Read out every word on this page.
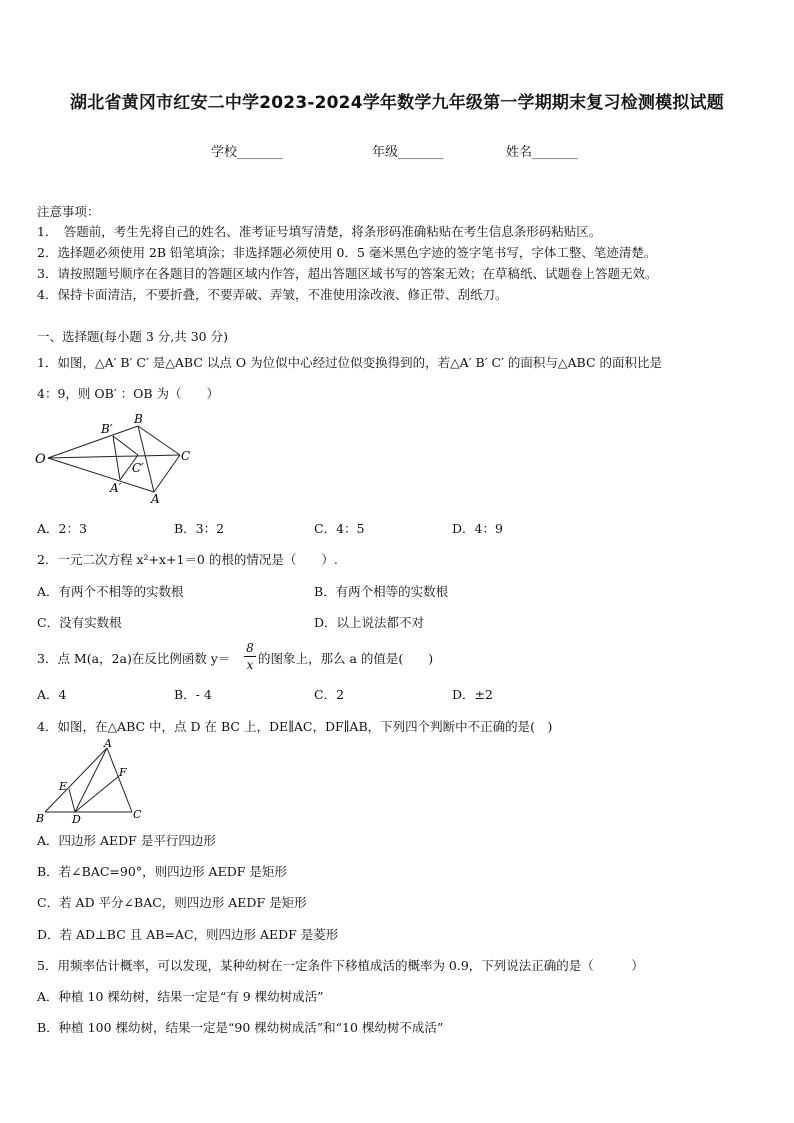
湖北省黄冈市红安二中学2023-2024学年数学九年级第一学期期末复习检测模拟试题
学校_______	年级_______	姓名_______
注意事项：
1．　答题前，考生先将自己的姓名、准考证号填写清楚，将条形码准确粘贴在考生信息条形码粘贴区。
2．选择题必须使用 2B 铅笔填涂；非选择题必须使用 0．5 毫米黑色字迹的签字笔书写，字体工整、笔迹清楚。
3．请按照题号顺序在各题目的答题区域内作答，超出答题区域书写的答案无效；在草稿纸、试题卷上答题无效。
4．保持卡面清洁，不要折叠，不要弄破、弄皱，不准使用涂改液、修正带、刮纸刀。
一、选择题(每小题 3 分,共 30 分)
1．如图，△A′ B′ C′ 是△ABC 以点 O 为位似中心经过位似变换得到的，若△A′ B′ C′ 的面积与△ABC 的面积比是
4：9，则 OB′ ：OB 为（　　）
B
B′
O	C
C′
A′
A
A．2：3	B．3：2	C．4：5	D．4：9
2．一元二次方程 x²+x+1＝0 的根的情况是（　　）.
A．有两个不相等的实数根	B．有两个相等的实数根
C．没有实数根	D．以上说法都不对
3．点 M(a，2a)在反比例函数 y＝
8
x 的图象上，那么 a 的值是(　　)
A．4	B．- 4	C．2	D．±2
4．如图，在△ABC 中，点 D 在 BC 上，DE∥AC，DF∥AB，下列四个判断中不正确的是(　)
A
E
F
B	D	C
A．四边形 AEDF 是平行四边形
B．若∠BAC=90°，则四边形 AEDF 是矩形
C．若 AD 平分∠BAC，则四边形 AEDF 是矩形
D．若 AD⊥BC 且 AB=AC，则四边形 AEDF 是菱形
5．用频率估计概率，可以发现，某种幼树在一定条件下移植成活的概率为 0.9，下列说法正确的是（　　　）
A．种植 10 棵幼树，结果一定是“有 9 棵幼树成活”
B．种植 100 棵幼树，结果一定是“90 棵幼树成活”和“10 棵幼树不成活”
